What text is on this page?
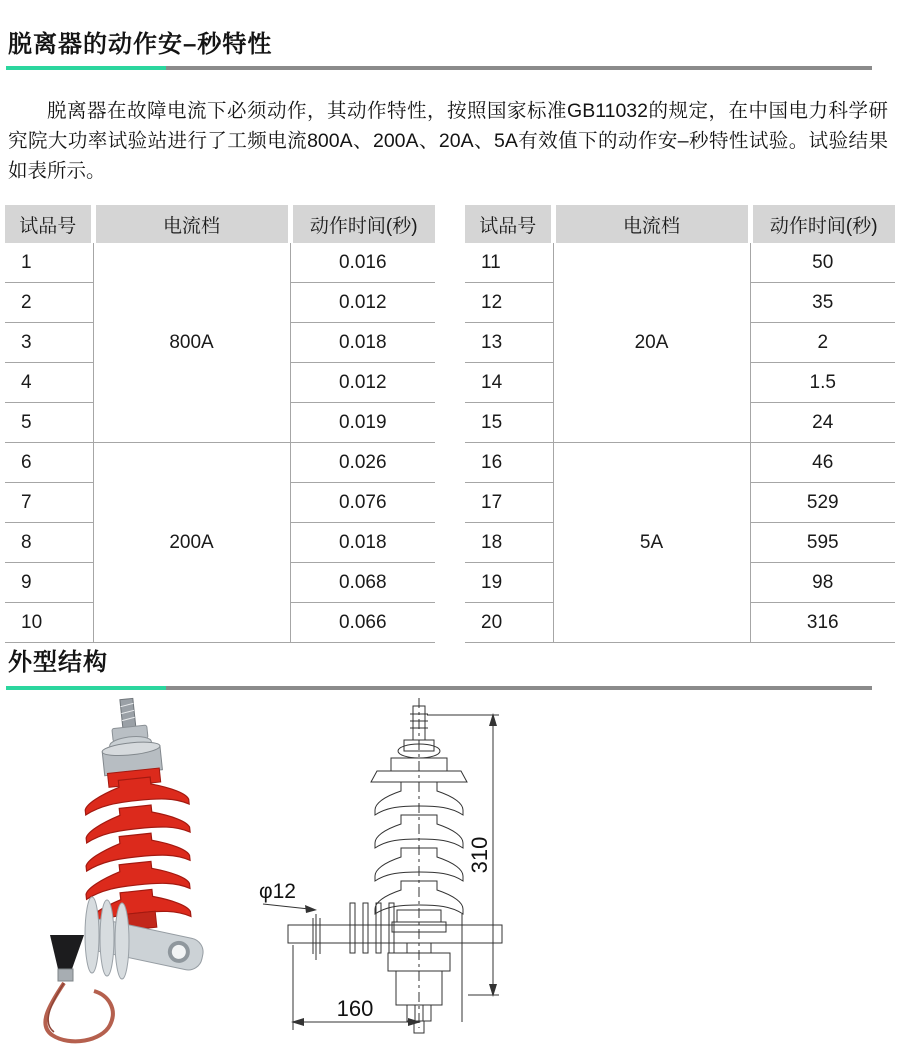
脱离器的动作安–秒特性

脱离器在故障电流下必须动作，其动作特性，按照国家标准GB11032的规定，在中国电力科学研究院大功率试验站进行了工频电流800A、200A、20A、5A有效值下的动作安–秒特性试验。试验结果如表所示。

试品号	电流档	动作时间(秒)
1	800A	0.016
2		0.012
3		0.018
4		0.012
5		0.019
6	200A	0.026
7		0.076
8		0.018
9		0.068
10		0.066
试品号	电流档	动作时间(秒)
11	20A	50
12		35
13		2
14		1.5
15		24
16	5A	46
17		529
18		595
19		98
20		316
外型结构
310
160
φ12
